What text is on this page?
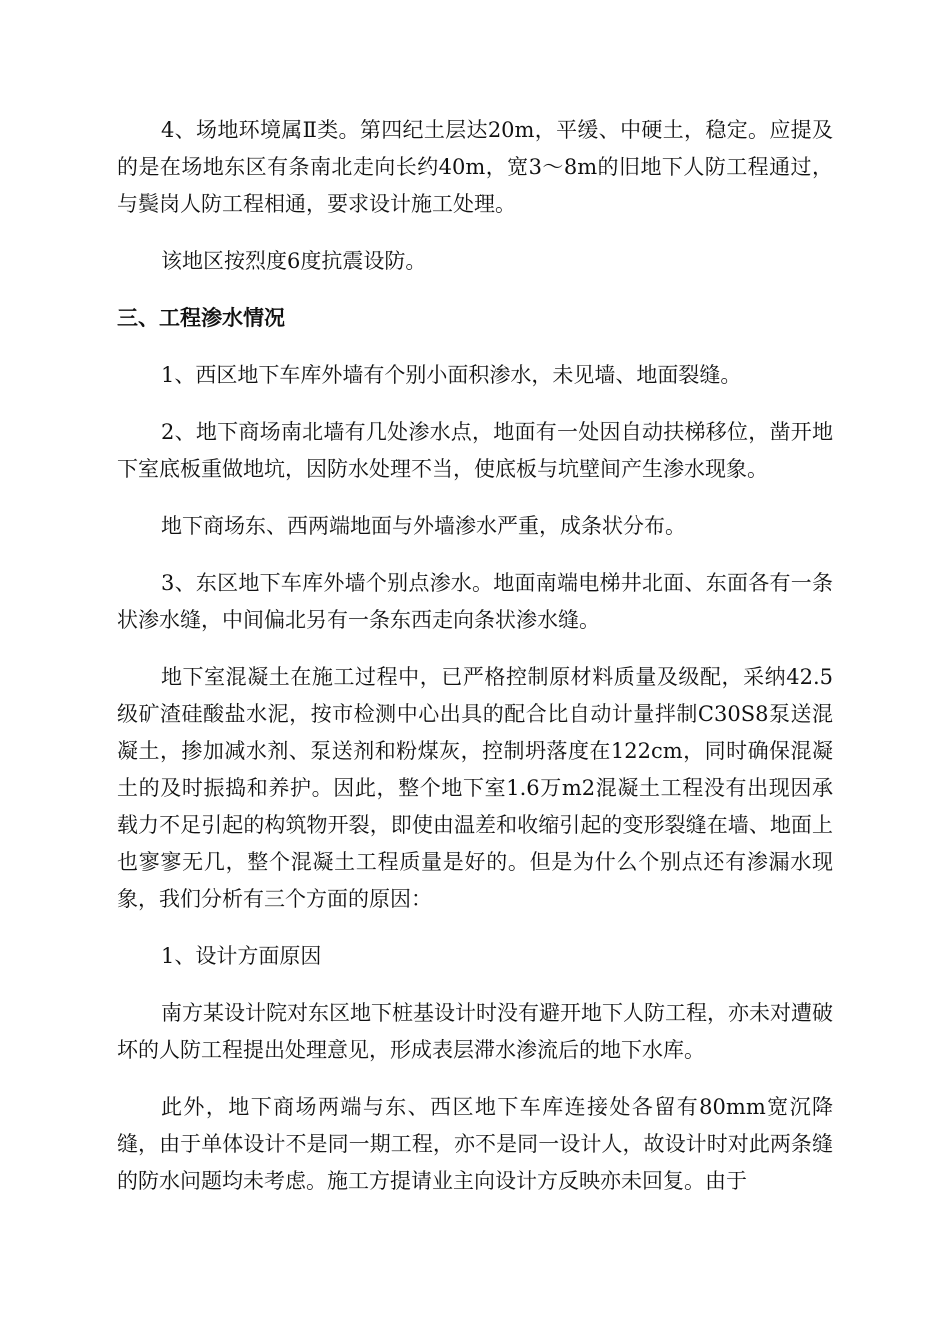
4、场地环境属Ⅱ类。第四纪土层达20m，平缓、中硬土，稳定。应提及的是在场地东区有条南北走向长约40m，宽3～8m的旧地下人防工程通过，与鬓岗人防工程相通，要求设计施工处理。

该地区按烈度6度抗震设防。

三、工程渗水情况

1、西区地下车库外墙有个别小面积渗水，未见墙、地面裂缝。

2、地下商场南北墙有几处渗水点，地面有一处因自动扶梯移位，凿开地下室底板重做地坑，因防水处理不当，使底板与坑壁间产生渗水现象。

地下商场东、西两端地面与外墙渗水严重，成条状分布。

3、东区地下车库外墙个别点渗水。地面南端电梯井北面、东面各有一条状渗水缝，中间偏北另有一条东西走向条状渗水缝。

地下室混凝土在施工过程中，已严格控制原材料质量及级配，采纳42.5级矿渣硅酸盐水泥，按市检测中心出具的配合比自动计量拌制C30S8泵送混凝土，掺加减水剂、泵送剂和粉煤灰，控制坍落度在122cm，同时确保混凝土的及时振捣和养护。因此，整个地下室1.6万m2混凝土工程没有出现因承载力不足引起的构筑物开裂，即使由温差和收缩引起的变形裂缝在墙、地面上也寥寥无几，整个混凝土工程质量是好的。但是为什么个别点还有渗漏水现象，我们分析有三个方面的原因：

1、设计方面原因

南方某设计院对东区地下桩基设计时没有避开地下人防工程，亦未对遭破坏的人防工程提出处理意见，形成表层滞水渗流后的地下水库。

此外，地下商场两端与东、西区地下车库连接处各留有80mm宽沉降缝，由于单体设计不是同一期工程，亦不是同一设计人，故设计时对此两条缝的防水问题均未考虑。施工方提请业主向设计方反映亦未回复。由于
